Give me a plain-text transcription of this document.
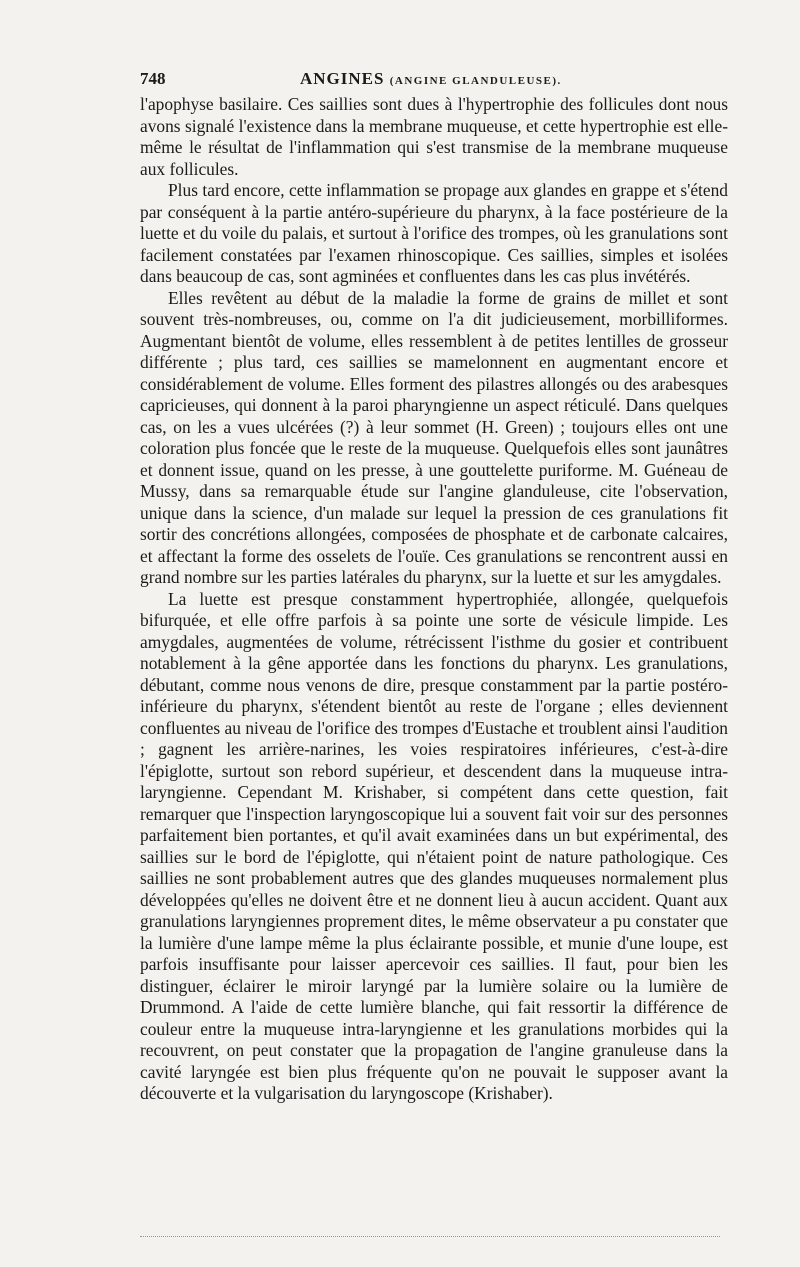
748	ANGINES (ANGINE GLANDULEUSE).

l'apophyse basilaire. Ces saillies sont dues à l'hypertrophie des follicules dont nous avons signalé l'existence dans la membrane muqueuse, et cette hypertrophie est elle-même le résultat de l'inflammation qui s'est transmise de la membrane muqueuse aux follicules.

Plus tard encore, cette inflammation se propage aux glandes en grappe et s'étend par conséquent à la partie antéro-supérieure du pharynx, à la face postérieure de la luette et du voile du palais, et surtout à l'orifice des trompes, où les granulations sont facilement constatées par l'examen rhinoscopique. Ces saillies, simples et isolées dans beaucoup de cas, sont agminées et confluentes dans les cas plus invétérés.

Elles revêtent au début de la maladie la forme de grains de millet et sont souvent très-nombreuses, ou, comme on l'a dit judicieusement, morbilliformes. Augmentant bientôt de volume, elles ressemblent à de petites lentilles de grosseur différente ; plus tard, ces saillies se mamelonnent en augmentant encore et considérablement de volume. Elles forment des pilastres allongés ou des arabesques capricieuses, qui donnent à la paroi pharyngienne un aspect réticulé. Dans quelques cas, on les a vues ulcérées (?) à leur sommet (H. Green) ; toujours elles ont une coloration plus foncée que le reste de la muqueuse. Quelquefois elles sont jaunâtres et donnent issue, quand on les presse, à une gouttelette puriforme. M. Guéneau de Mussy, dans sa remarquable étude sur l'angine glanduleuse, cite l'observation, unique dans la science, d'un malade sur lequel la pression de ces granulations fit sortir des concrétions allongées, composées de phosphate et de carbonate calcaires, et affectant la forme des osselets de l'ouïe. Ces granulations se rencontrent aussi en grand nombre sur les parties latérales du pharynx, sur la luette et sur les amygdales.

La luette est presque constamment hypertrophiée, allongée, quelquefois bifurquée, et elle offre parfois à sa pointe une sorte de vésicule limpide. Les amygdales, augmentées de volume, rétrécissent l'isthme du gosier et contribuent notablement à la gêne apportée dans les fonctions du pharynx. Les granulations, débutant, comme nous venons de dire, presque constamment par la partie postéro-inférieure du pharynx, s'étendent bientôt au reste de l'organe ; elles deviennent confluentes au niveau de l'orifice des trompes d'Eustache et troublent ainsi l'audition ; gagnent les arrière-narines, les voies respiratoires inférieures, c'est-à-dire l'épiglotte, surtout son rebord supérieur, et descendent dans la muqueuse intra-laryngienne. Cependant M. Krishaber, si compétent dans cette question, fait remarquer que l'inspection laryngoscopique lui a souvent fait voir sur des personnes parfaitement bien portantes, et qu'il avait examinées dans un but expérimental, des saillies sur le bord de l'épiglotte, qui n'étaient point de nature pathologique. Ces saillies ne sont probablement autres que des glandes muqueuses normalement plus développées qu'elles ne doivent être et ne donnent lieu à aucun accident. Quant aux granulations laryngiennes proprement dites, le même observateur a pu constater que la lumière d'une lampe même la plus éclairante possible, et munie d'une loupe, est parfois insuffisante pour laisser apercevoir ces saillies. Il faut, pour bien les distinguer, éclairer le miroir laryngé par la lumière solaire ou la lumière de Drummond. A l'aide de cette lumière blanche, qui fait ressortir la différence de couleur entre la muqueuse intra-laryngienne et les granulations morbides qui la recouvrent, on peut constater que la propagation de l'angine granuleuse dans la cavité laryngée est bien plus fréquente qu'on ne pouvait le supposer avant la découverte et la vulgarisation du laryngoscope (Krishaber).
